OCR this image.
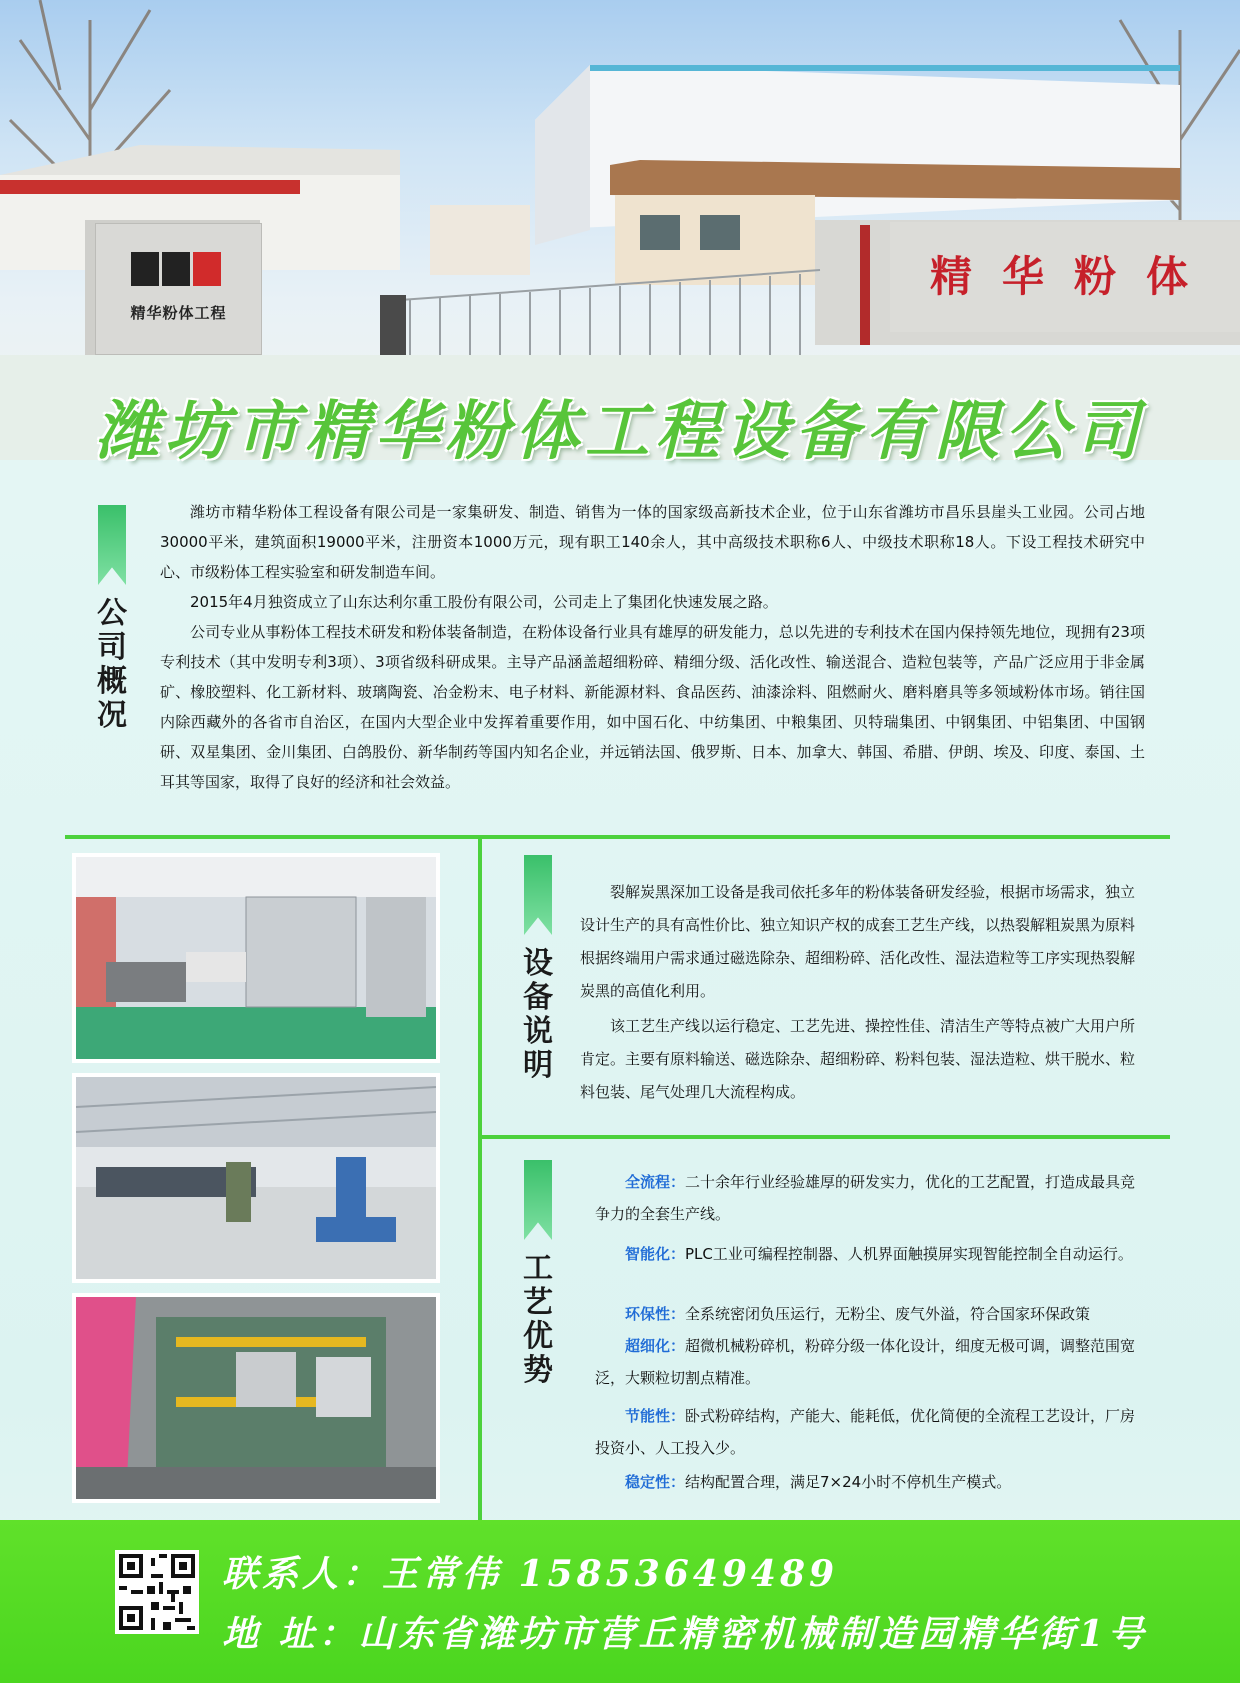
精华粉体工程
精华粉体
潍坊市精华粉体工程设备有限公司
公司概况

潍坊市精华粉体工程设备有限公司是一家集研发、制造、销售为一体的国家级高新技术企业，位于山东省潍坊市昌乐县崖头工业园。公司占地30000平米，建筑面积19000平米，注册资本1000万元，现有职工140余人，其中高级技术职称6人、中级技术职称18人。下设工程技术研究中心、市级粉体工程实验室和研发制造车间。

2015年4月独资成立了山东达利尔重工股份有限公司，公司走上了集团化快速发展之路。

公司专业从事粉体工程技术研发和粉体装备制造，在粉体设备行业具有雄厚的研发能力，总以先进的专利技术在国内保持领先地位，现拥有23项专利技术（其中发明专利3项）、3项省级科研成果。主导产品涵盖超细粉碎、精细分级、活化改性、输送混合、造粒包装等，产品广泛应用于非金属矿、橡胶塑料、化工新材料、玻璃陶瓷、冶金粉末、电子材料、新能源材料、食品医药、油漆涂料、阻燃耐火、磨料磨具等多领域粉体市场。销往国内除西藏外的各省市自治区，在国内大型企业中发挥着重要作用，如中国石化、中纺集团、中粮集团、贝特瑞集团、中钢集团、中铝集团、中国钢研、双星集团、金川集团、白鸽股份、新华制药等国内知名企业，并远销法国、俄罗斯、日本、加拿大、韩国、希腊、伊朗、埃及、印度、泰国、土耳其等国家，取得了良好的经济和社会效益。

设备说明

裂解炭黑深加工设备是我司依托多年的粉体装备研发经验，根据市场需求，独立设计生产的具有高性价比、独立知识产权的成套工艺生产线，以热裂解粗炭黑为原料根据终端用户需求通过磁选除杂、超细粉碎、活化改性、湿法造粒等工序实现热裂解炭黑的高值化利用。

该工艺生产线以运行稳定、工艺先进、操控性佳、清洁生产等特点被广大用户所肯定。主要有原料输送、磁选除杂、超细粉碎、粉料包装、湿法造粒、烘干脱水、粒料包装、尾气处理几大流程构成。

工艺优势

全流程：二十余年行业经验雄厚的研发实力，优化的工艺配置，打造成最具竞争力的全套生产线。

智能化：PLC工业可编程控制器、人机界面触摸屏实现智能控制全自动运行。

环保性：全系统密闭负压运行，无粉尘、废气外溢，符合国家环保政策

超细化：超微机械粉碎机，粉碎分级一体化设计，细度无极可调，调整范围宽泛，大颗粒切割点精准。

节能性：卧式粉碎结构，产能大、能耗低，优化简便的全流程工艺设计，厂房投资小、人工投入少。

稳定性：结构配置合理，满足7×24小时不停机生产模式。

联系人：王常伟 15853649489
地 址：山东省潍坊市营丘精密机械制造园精华街1号
